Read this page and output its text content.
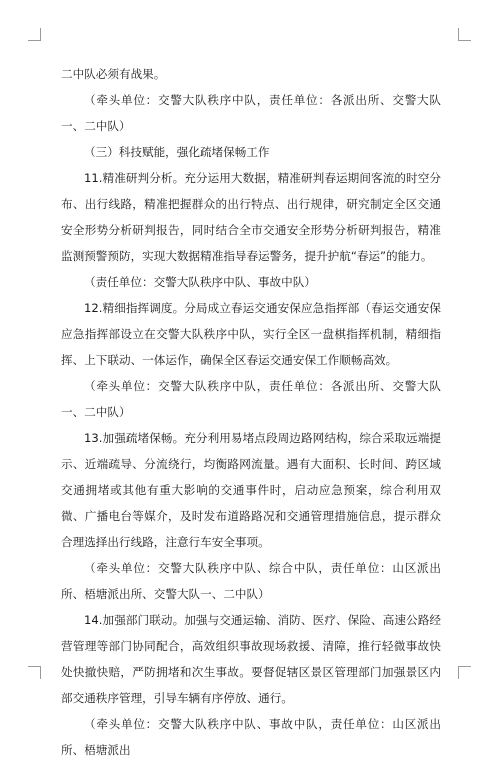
二中队必须有战果。

（牵头单位：交警大队秩序中队，责任单位：各派出所、交警大队一、二中队）

（三）科技赋能，强化疏堵保畅工作

11.精准研判分析。充分运用大数据，精准研判春运期间客流的时空分布、出行线路，精准把握群众的出行特点、出行规律，研究制定全区交通安全形势分析研判报告，同时结合全市交通安全形势分析研判报告，精准监测预警预防，实现大数据精准指导春运警务，提升护航“春运”的能力。

（责任单位：交警大队秩序中队、事故中队）

12.精细指挥调度。分局成立春运交通安保应急指挥部（春运交通安保应急指挥部设立在交警大队秩序中队，实行全区一盘棋指挥机制，精细指挥、上下联动、一体运作，确保全区春运交通安保工作顺畅高效。

（牵头单位：交警大队秩序中队，责任单位：各派出所、交警大队一、二中队）

13.加强疏堵保畅。充分利用易堵点段周边路网结构，综合采取远端提示、近端疏导、分流绕行，均衡路网流量。遇有大面积、长时间、跨区域交通拥堵或其他有重大影响的交通事件时，启动应急预案，综合利用双微、广播电台等媒介，及时发布道路路况和交通管理措施信息，提示群众合理选择出行线路，注意行车安全事项。

（牵头单位：交警大队秩序中队、综合中队，责任单位：山区派出所、梧塘派出所、交警大队一、二中队）

14.加强部门联动。加强与交通运输、消防、医疗、保险、高速公路经营管理等部门协同配合，高效组织事故现场救援、清障，推行轻微事故快处快撤快赔，严防拥堵和次生事故。要督促辖区景区管理部门加强景区内部交通秩序管理，引导车辆有序停放、通行。

（牵头单位：交警大队秩序中队、事故中队，责任单位：山区派出所、梧塘派出
